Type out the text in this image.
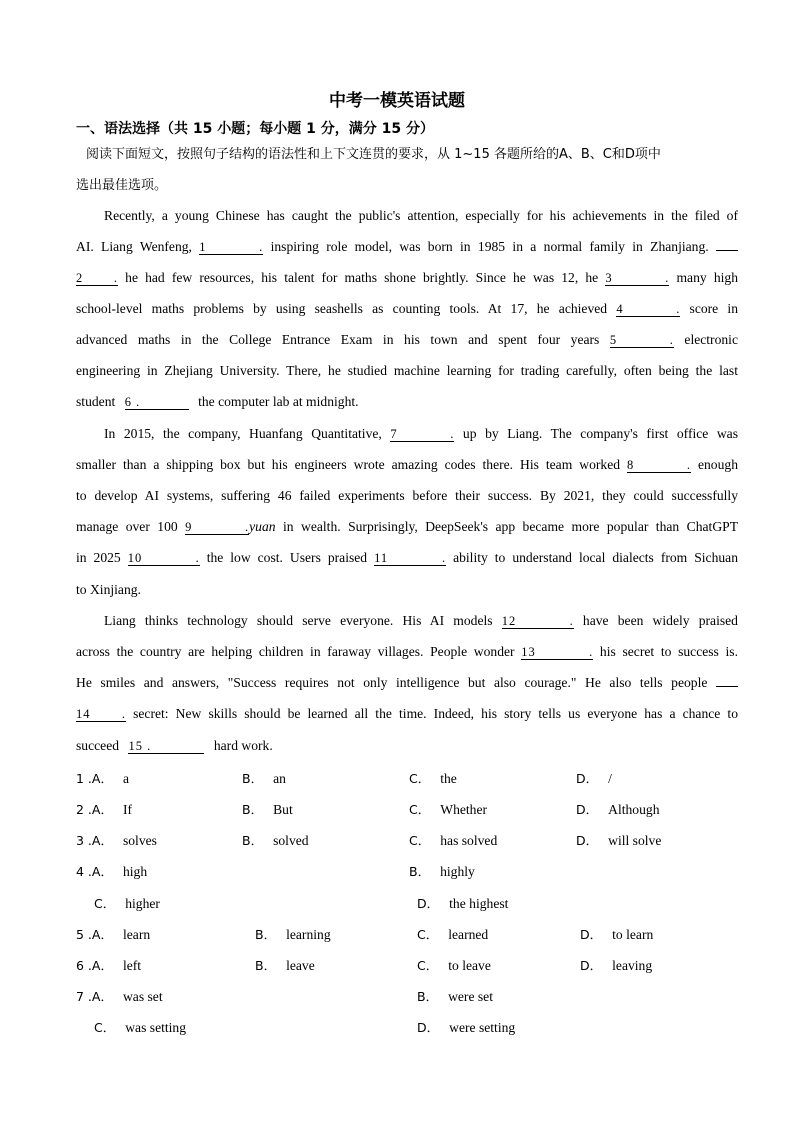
中考一模英语试题
一、语法选择（共 15 小题；每小题 1 分，满分 15 分）
阅读下面短文，按照句子结构的语法性和上下文连贯的要求，从 1~15 各题所给的A、B、C和D项中
选出最佳选项。
Recently, a young Chinese has caught the public's attention, especially for his achievements in the filed of
AI. Liang Wenfeng, 1 . inspiring role model, was born in 1985 in a normal family in Zhanjiang.
2 . he had few resources, his talent for maths shone brightly. Since he was 12, he 3 . many high
school-level maths problems by using seashells as counting tools. At 17, he achieved 4 . score in
advanced maths in the College Entrance Exam in his town and spent four years 5 . electronic
engineering in Zhejiang University. There, he studied machine learning for trading carefully, often being the last
student 6 .	the computer lab at midnight.
In 2015, the company, Huanfang Quantitative, 7 . up by Liang. The company's first office was
smaller than a shipping box but his engineers wrote amazing codes there. His team worked 8 . enough
to develop AI systems, suffering 46 failed experiments before their success. By 2021, they could successfully
manage over 100 9 .yuan in wealth. Surprisingly, DeepSeek's app became more popular than ChatGPT
in 2025 10 . the low cost. Users praised 11 . ability to understand local dialects from Sichuan
to Xinjiang.
Liang thinks technology should serve everyone. His AI models 12 . have been widely praised
across the country are helping children in faraway villages. People wonder 13 . his secret to success is.
He smiles and answers, "Success requires not only intelligence but also courage." He also tells people
14 . secret: New skills should be learned all the time. Indeed, his story tells us everyone has a chance to
succeed 15 .	hard work.
1 .A． a	B． an	C． the	D． /
2 .A． If	B． But	C． Whether	D． Although
3 .A． solves	B． solved	C． has solved	D． will solve
4 .A． high	B． highly
C． higher	D． the highest
5 .A． learn	B． learning	C． learned	D． to learn
6 .A． left	B． leave	C． to leave	D． leaving
7 .A． was set	B． were set
C． was setting	D． were setting
